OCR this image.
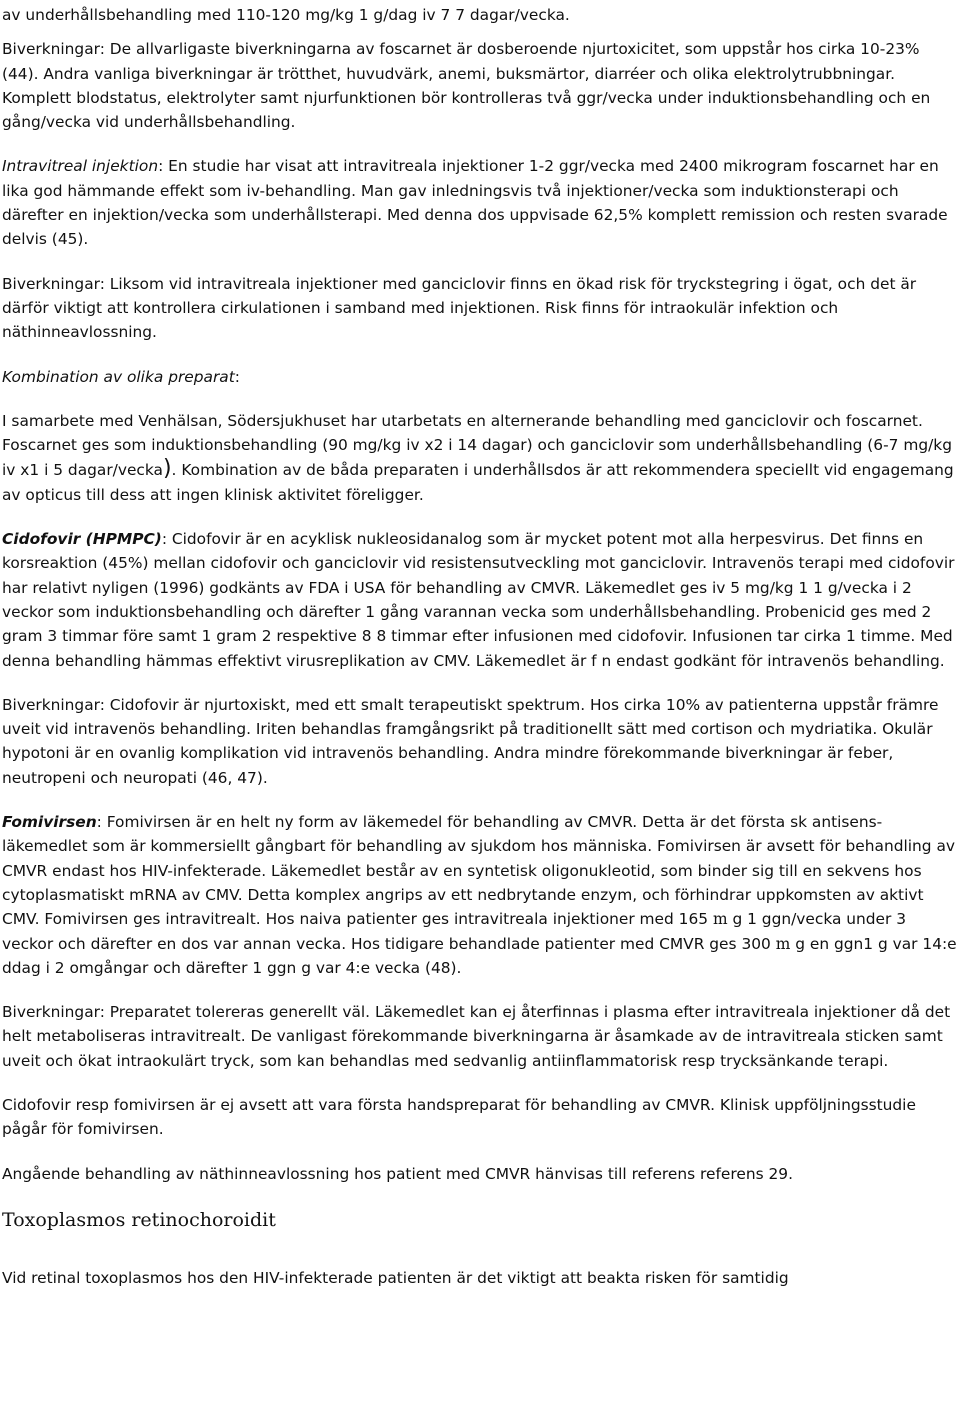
av underhållsbehandling med 110-120 mg/kg 1 g/dag iv 7 7 dagar/vecka.

Biverkningar: De allvarligaste biverkningarna av foscarnet är dosberoende njurtoxicitet, som uppstår hos cirka 10-23% (44). Andra vanliga biverkningar är trötthet, huvudvärk, anemi, buksmärtor, diarréer och olika elektrolytrubbningar. Komplett blodstatus, elektrolyter samt njurfunktionen bör kontrolleras två ggr/vecka under induktionsbehandling och en gång/vecka vid underhållsbehandling.

Intravitreal injektion: En studie har visat att intravitreala injektioner 1-2 ggr/vecka med 2400 mikrogram foscarnet har en lika god hämmande effekt som iv-behandling. Man gav inledningsvis två injektioner/vecka som induktionsterapi och därefter en injektion/vecka som underhållsterapi. Med denna dos uppvisade 62,5% komplett remission och resten svarade delvis (45).

Biverkningar: Liksom vid intravitreala injektioner med ganciclovir finns en ökad risk för tryckstegring i ögat, och det är därför viktigt att kontrollera cirkulationen i samband med injektionen. Risk finns för intraokulär infektion och näthinneavlossning.

Kombination av olika preparat:

I samarbete med Venhälsan, Södersjukhuset har utarbetats en alternerande behandling med ganciclovir och foscarnet. Foscarnet ges som induktionsbehandling (90 mg/kg iv x2 i 14 dagar) och ganciclovir som underhållsbehandling (6-7 mg/kg iv x1 i 5 dagar/vecka). Kombination av de båda preparaten i underhållsdos är att rekommendera speciellt vid engagemang av opticus till dess att ingen klinisk aktivitet föreligger.

Cidofovir (HPMPC): Cidofovir är en acyklisk nukleosidanalog som är mycket potent mot alla herpesvirus. Det finns en korsreaktion (45%) mellan cidofovir och ganciclovir vid resistensutveckling mot ganciclovir. Intravenös terapi med cidofovir har relativt nyligen (1996) godkänts av FDA i USA för behandling av CMVR. Läkemedlet ges iv 5 mg/kg 1 1 g/vecka i 2 veckor som induktionsbehandling och därefter 1 gång varannan vecka som underhållsbehandling. Probenicid ges med 2 gram 3 timmar före samt 1 gram 2 respektive 8 8 timmar efter infusionen med cidofovir. Infusionen tar cirka 1 timme. Med denna behandling hämmas effektivt virusreplikation av CMV. Läkemedlet är f n endast godkänt för intravenös behandling.

Biverkningar: Cidofovir är njurtoxiskt, med ett smalt terapeutiskt spektrum. Hos cirka 10% av patienterna uppstår främre uveit vid intravenös behandling. Iriten behandlas framgångsrikt på traditionellt sätt med cortison och mydriatika. Okulär hypotoni är en ovanlig komplikation vid intravenös behandling. Andra mindre förekommande biverkningar är feber, neutropeni och neuropati (46, 47).

Fomivirsen: Fomivirsen är en helt ny form av läkemedel för behandling av CMVR. Detta är det första sk antisens-läkemedlet som är kommersiellt gångbart för behandling av sjukdom hos människa. Fomivirsen är avsett för behandling av CMVR endast hos HIV-infekterade. Läkemedlet består av en syntetisk oligonukleotid, som binder sig till en sekvens hos cytoplasmatiskt mRNA av CMV. Detta komplex angrips av ett nedbrytande enzym, och förhindrar uppkomsten av aktivt CMV. Fomivirsen ges intravitrealt. Hos naiva patienter ges intravitreala injektioner med 165 m g 1 ggn/vecka under 3 veckor och därefter en dos var annan vecka. Hos tidigare behandlade patienter med CMVR ges 300 m g en ggn1 g var 14:e ddag i 2 omgångar och därefter 1 ggn g var 4:e vecka (48).

Biverkningar: Preparatet tolereras generellt väl. Läkemedlet kan ej återfinnas i plasma efter intravitreala injektioner då det helt metaboliseras intravitrealt. De vanligast förekommande biverkningarna är åsamkade av de intravitreala sticken samt uveit och ökat intraokulärt tryck, som kan behandlas med sedvanlig antiinflammatorisk resp trycksänkande terapi.

Cidofovir resp fomivirsen är ej avsett att vara första handspreparat för behandling av CMVR. Klinisk uppföljningsstudie pågår för fomivirsen.

Angående behandling av näthinneavlossning hos patient med CMVR hänvisas till referens referens 29.

Toxoplasmos retinochoroidit

Vid retinal toxoplasmos hos den HIV-infekterade patienten är det viktigt att beakta risken för samtidig
